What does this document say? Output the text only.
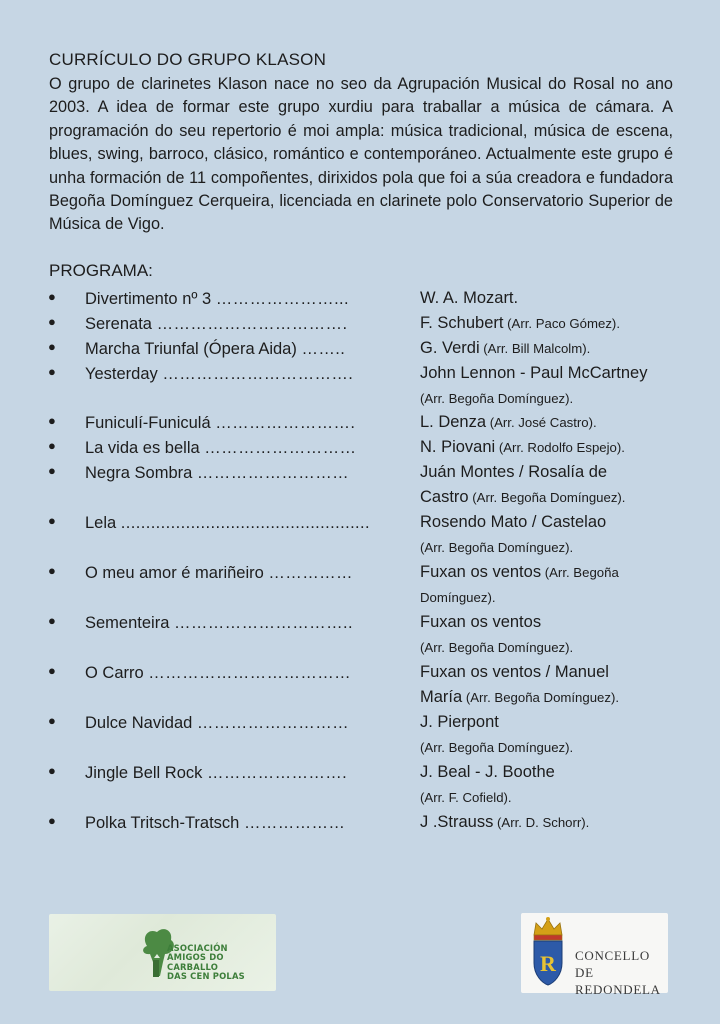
CURRÍCULO DO GRUPO KLASON
O grupo de clarinetes Klason nace no seo da Agrupación Musical do Rosal no ano 2003. A idea de formar este grupo xurdiu para traballar a música de cámara. A programación do seu repertorio é moi ampla: música tradicional, música de escena, blues, swing, barroco, clásico, romántico e contemporáneo. Actualmente este grupo é unha formación de 11 compoñentes, dirixidos pola que foi a súa creadora e fundadora Begoña Domínguez Cerqueira, licenciada en clarinete polo Conservatorio Superior de Música de Vigo.
PROGRAMA:
● Divertimento nº 3 …………………...	W. A. Mozart.
● Serenata …………………………….	F. Schubert (Arr. Paco Gómez).
● Marcha Triunfal (Ópera Aida) ……..	G. Verdi (Arr. Bill Malcolm).
● Yesterday …………………………….	John Lennon - Paul McCartney
(Arr. Begoña Domínguez).
● Funiculí-Funiculá …………………….	L. Denza (Arr. José Castro).
● La vida es bella ………………………	N. Piovani (Arr. Rodolfo Espejo).
● Negra Sombra ………………………	Juán Montes / Rosalía de
Castro (Arr. Begoña Domínguez).
● Lela ..................................................	Rosendo Mato / Castelao
(Arr. Begoña Domínguez).
● O meu amor é mariñeiro ……………	Fuxan os ventos (Arr. Begoña
Domínguez).
● Sementeira …………………………..	Fuxan os ventos
(Arr. Begoña Domínguez).
● O Carro ………………………………	Fuxan os ventos / Manuel
María (Arr. Begoña Domínguez).
● Dulce Navidad ………………………	J. Pierpont
(Arr. Begoña Domínguez).
● Jingle Bell Rock …………………….	J. Beal - J. Boothe
(Arr. F. Cofield).
● Polka Tritsch-Tratsch ………………	J .Strauss (Arr. D. Schorr).
ASOCIACIÓN
AMIGOS DO CARBALLO
DAS CEN POLAS	R CONCELLO DE
REDONDELA
